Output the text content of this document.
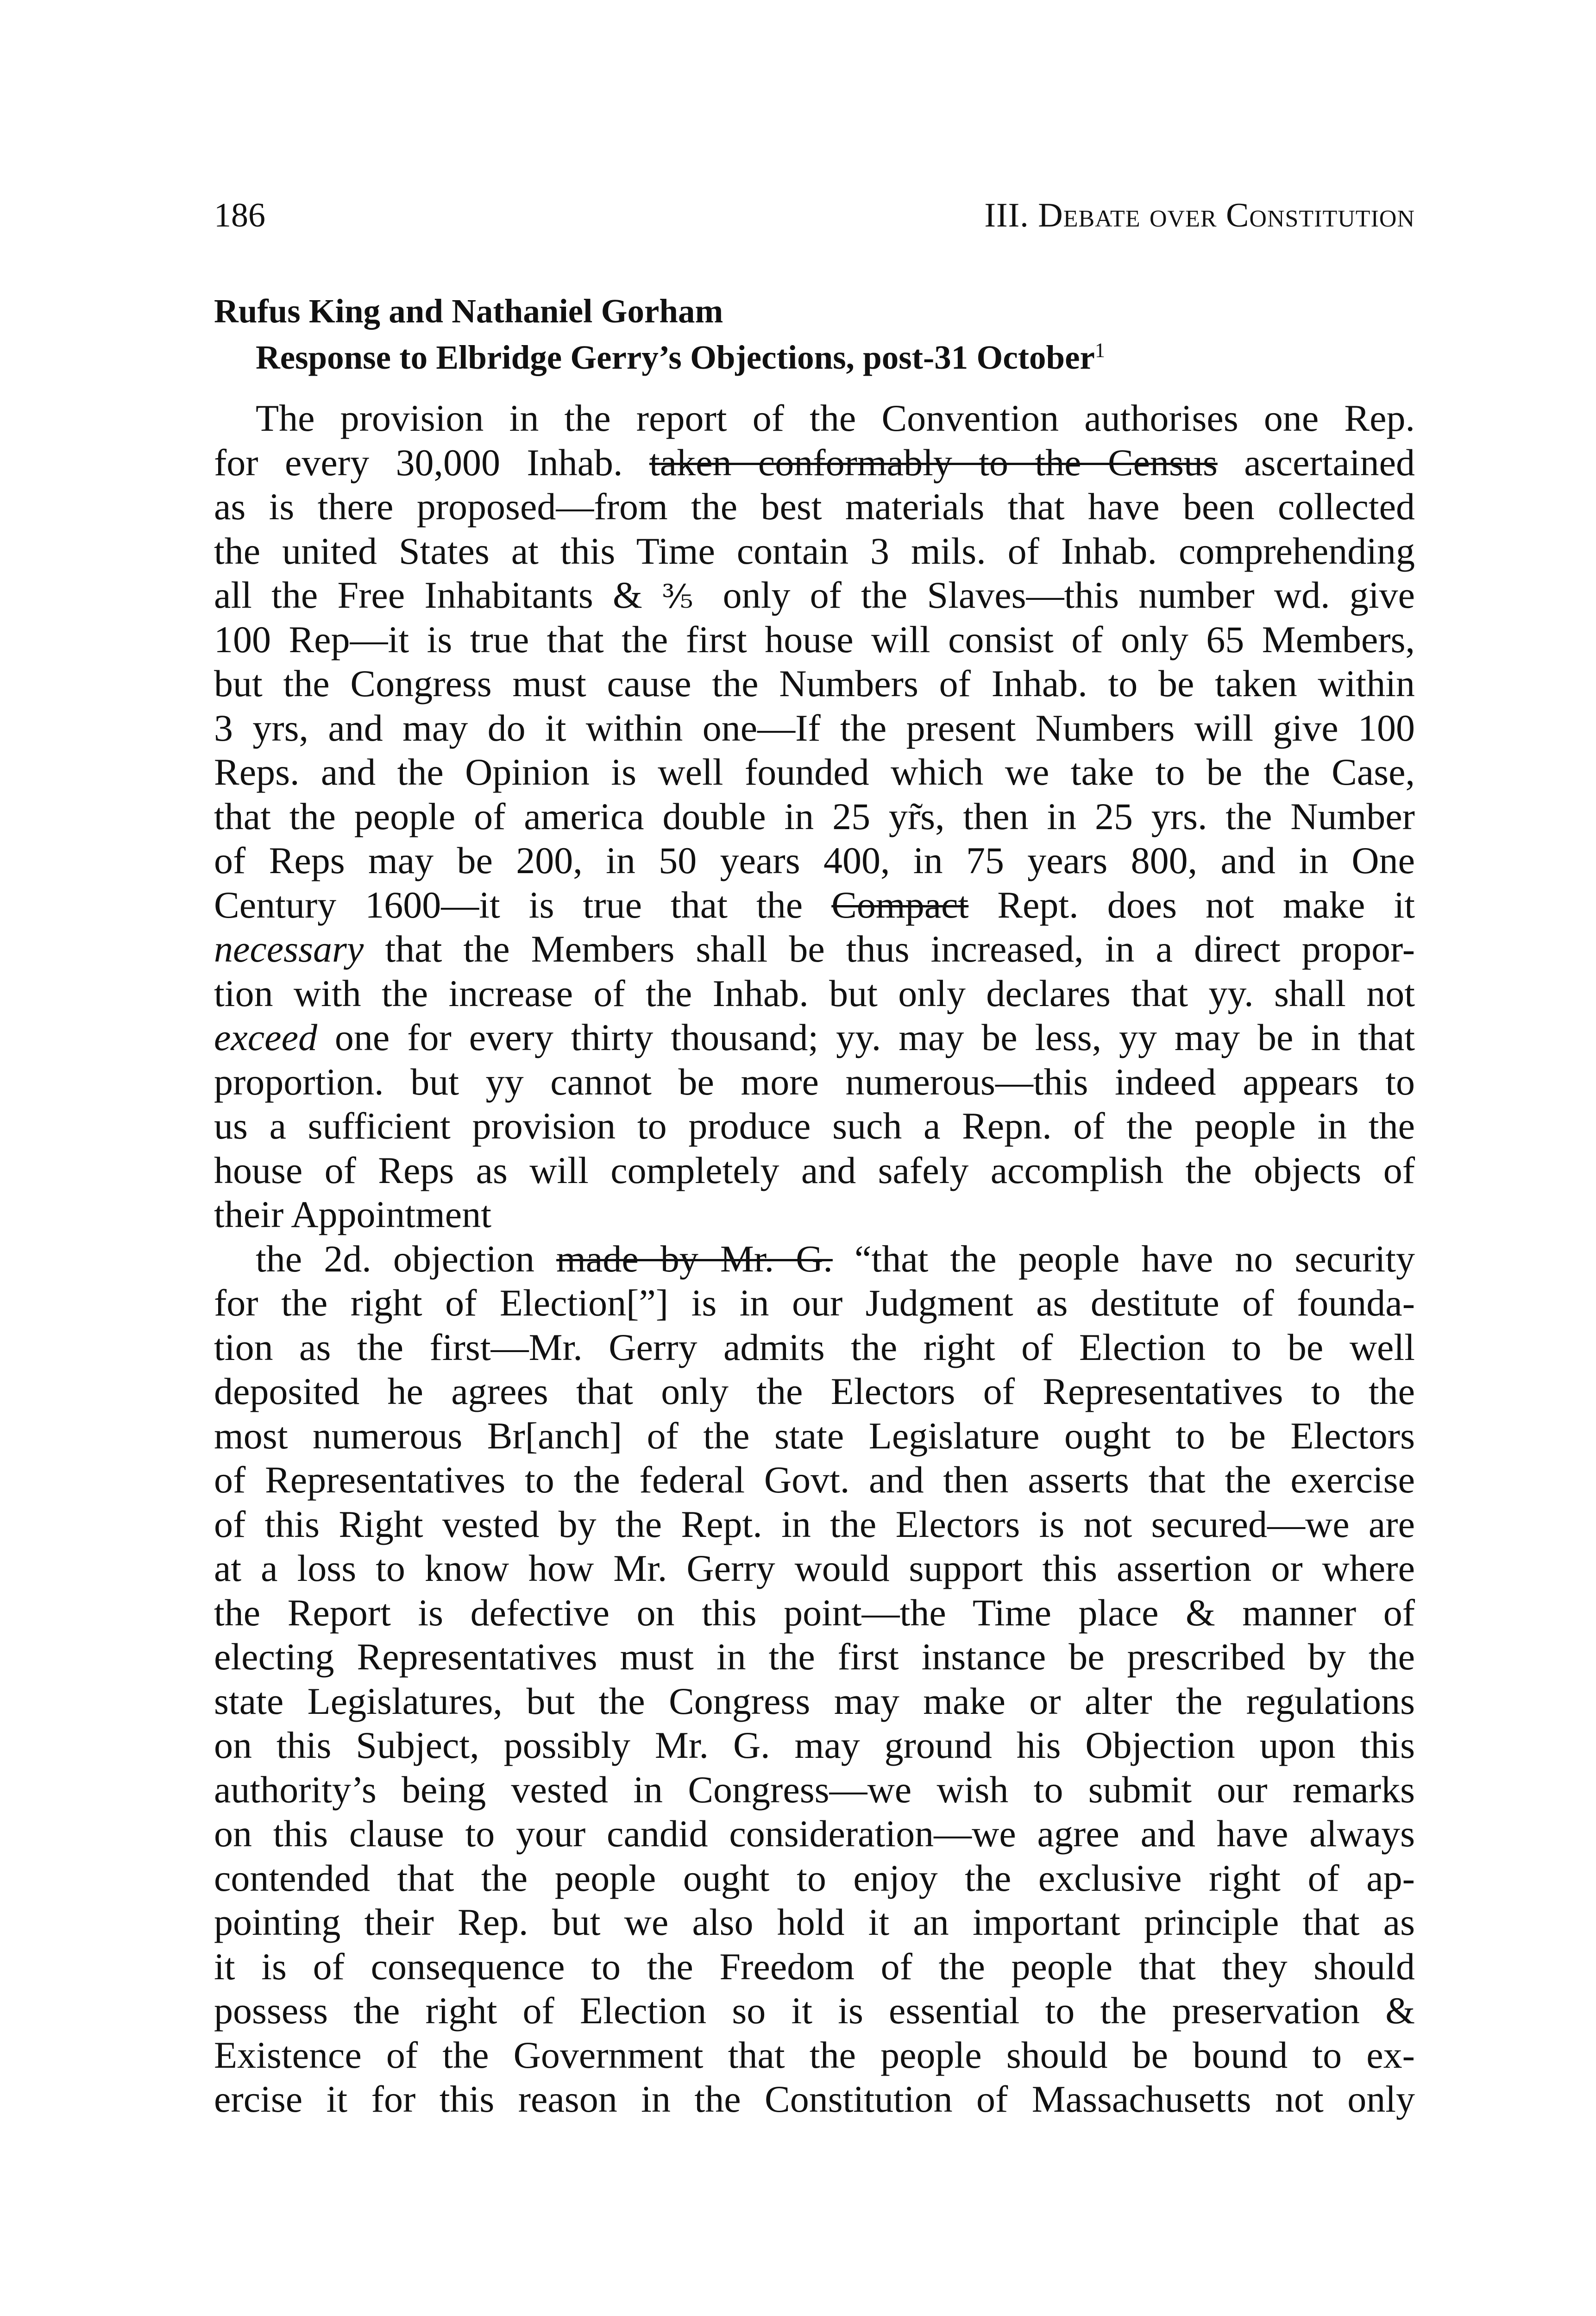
186	III. Debate over Constitution
Rufus King and Nathaniel Gorham
Response to Elbridge Gerry’s Objections, post-31 October$^1$
The provision in the report of the Convention authorises one Rep.
for every 30,000 Inhab. taken conformably to the Census ascertained
as is there proposed—from the best materials that have been collected
the united States at this Time contain 3 mils. of Inhab. comprehending
all the Free Inhabitants & ⅗ only of the Slaves—this number wd. give
100 Rep—it is true that the first house will consist of only 65 Members,
but the Congress must cause the Numbers of Inhab. to be taken within
3 yrs, and may do it within one—If the present Numbers will give 100
Reps. and the Opinion is well founded which we take to be the Case,
that the people of america double in 25 yr̃s, then in 25 yrs. the Number
of Reps may be 200, in 50 years 400, in 75 years 800, and in One
Century 1600—it is true that the Compact Rept. does not make it
necessary that the Members shall be thus increased, in a direct propor-
tion with the increase of the Inhab. but only declares that yy. shall not
exceed one for every thirty thousand; yy. may be less, yy may be in that
proportion. but yy cannot be more numerous—this indeed appears to
us a sufficient provision to produce such a Repn. of the people in the
house of Reps as will completely and safely accomplish the objects of
their Appointment
the 2d. objection made by Mr. G. “that the people have no security
for the right of Election[”] is in our Judgment as destitute of founda-
tion as the first—Mr. Gerry admits the right of Election to be well
deposited he agrees that only the Electors of Representatives to the
most numerous Br[anch] of the state Legislature ought to be Electors
of Representatives to the federal Govt. and then asserts that the exercise
of this Right vested by the Rept. in the Electors is not secured—we are
at a loss to know how Mr. Gerry would support this assertion or where
the Report is defective on this point—the Time place & manner of
electing Representatives must in the first instance be prescribed by the
state Legislatures, but the Congress may make or alter the regulations
on this Subject, possibly Mr. G. may ground his Objection upon this
authority’s being vested in Congress—we wish to submit our remarks
on this clause to your candid consideration—we agree and have always
contended that the people ought to enjoy the exclusive right of ap-
pointing their Rep. but we also hold it an important principle that as
it is of consequence to the Freedom of the people that they should
possess the right of Election so it is essential to the preservation &
Existence of the Government that the people should be bound to ex-
ercise it for this reason in the Constitution of Massachusetts not only
